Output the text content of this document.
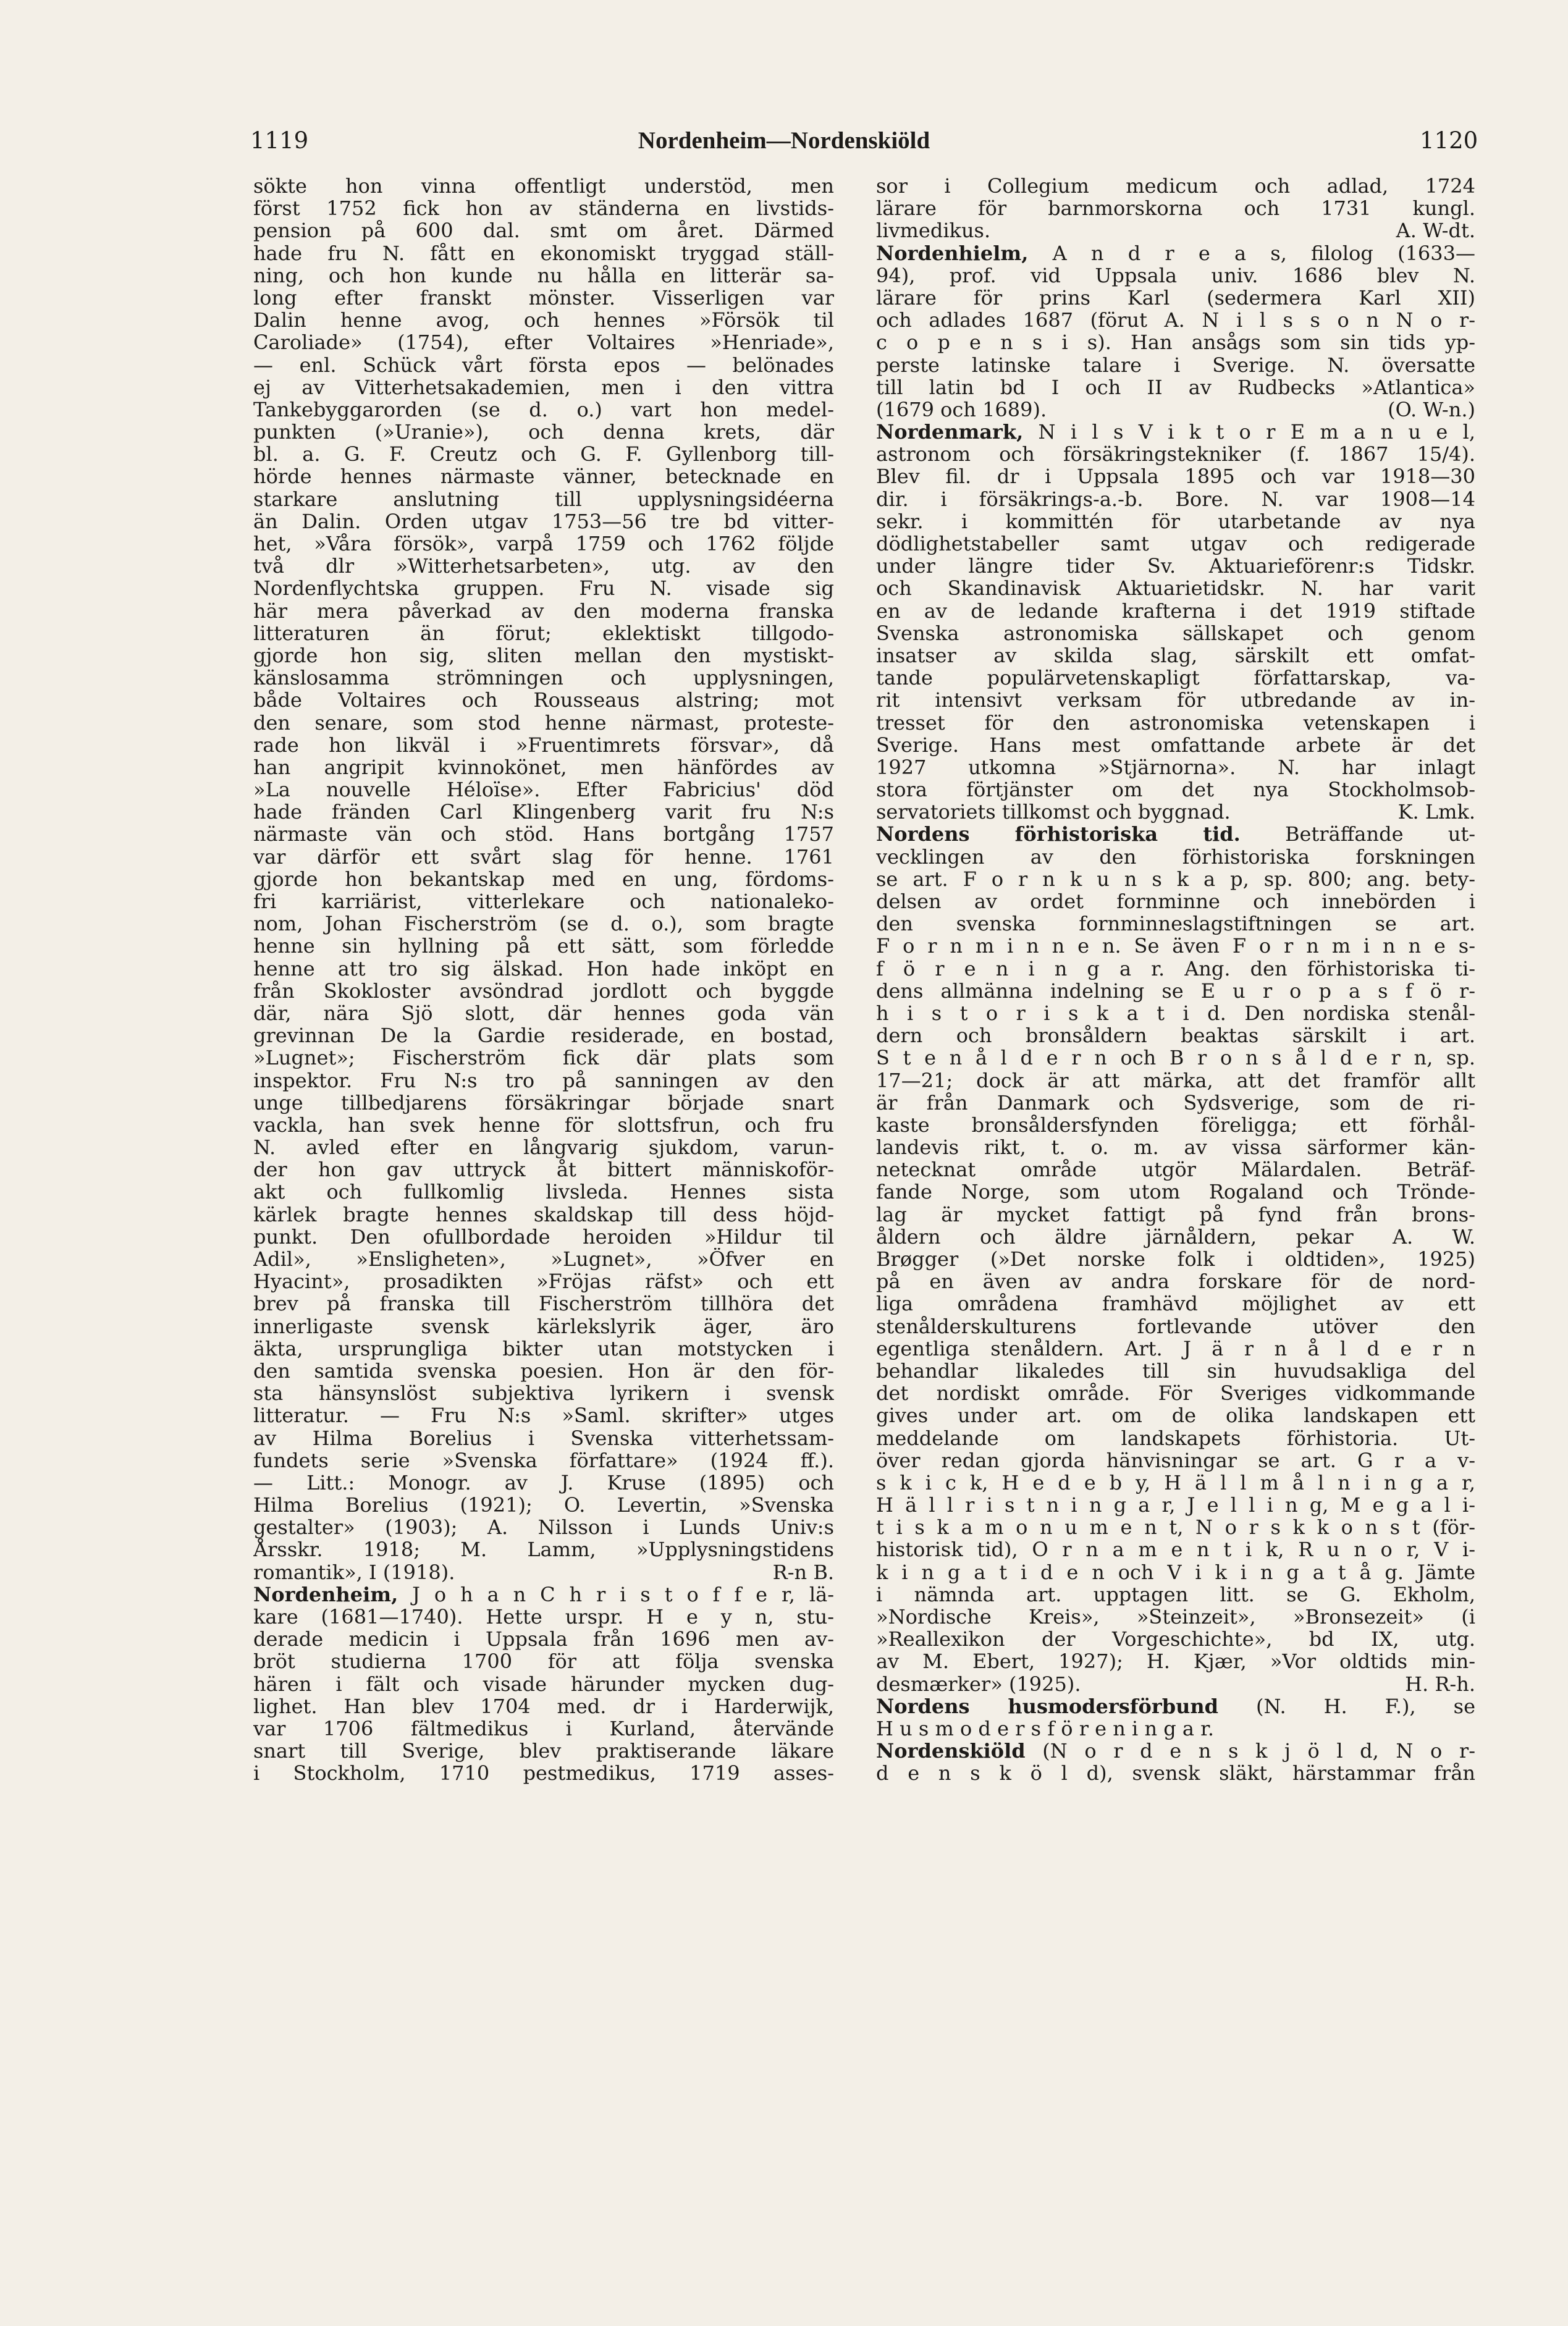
1119	Nordenheim—Nordenskiöld	1120
sökte hon vinna offentligt understöd, men
först 1752 fick hon av ständerna en livstids-
pension på 600 dal. smt om året. Därmed
hade fru N. fått en ekonomiskt tryggad ställ-
ning, och hon kunde nu hålla en litterär sa-
long efter franskt mönster. Visserligen var
Dalin henne avog, och hennes »Försök til
Caroliade» (1754), efter Voltaires »Henriade»,
— enl. Schück vårt första epos — belönades
ej av Vitterhetsakademien, men i den vittra
Tankebyggarorden (se d. o.) vart hon medel-
punkten (»Uranie»), och denna krets, där
bl. a. G. F. Creutz och G. F. Gyllenborg till-
hörde hennes närmaste vänner, betecknade en
starkare anslutning till upplysningsidéerna
än Dalin. Orden utgav 1753—56 tre bd vitter-
het, »Våra försök», varpå 1759 och 1762 följde
två dlr »Witterhetsarbeten», utg. av den
Nordenflychtska gruppen. Fru N. visade sig
här mera påverkad av den moderna franska
litteraturen än förut; eklektiskt tillgodo-
gjorde hon sig, sliten mellan den mystiskt-
känslosamma strömningen och upplysningen,
både Voltaires och Rousseaus alstring; mot
den senare, som stod henne närmast, proteste-
rade hon likväl i »Fruentimrets försvar», då
han angripit kvinnokönet, men hänfördes av
»La nouvelle Héloïse». Efter Fabricius' död
hade fränden Carl Klingenberg varit fru N:s
närmaste vän och stöd. Hans bortgång 1757
var därför ett svårt slag för henne. 1761
gjorde hon bekantskap med en ung, fördoms-
fri karriärist, vitterlekare och nationaleko-
nom, Johan Fischerström (se d. o.), som bragte
henne sin hyllning på ett sätt, som förledde
henne att tro sig älskad. Hon hade inköpt en
från Skokloster avsöndrad jordlott och byggde
där, nära Sjö slott, där hennes goda vän
grevinnan De la Gardie residerade, en bostad,
»Lugnet»; Fischerström fick där plats som
inspektor. Fru N:s tro på sanningen av den
unge tillbedjarens försäkringar började snart
vackla, han svek henne för slottsfrun, och fru
N. avled efter en långvarig sjukdom, varun-
der hon gav uttryck åt bittert människoför-
akt och fullkomlig livsleda. Hennes sista
kärlek bragte hennes skaldskap till dess höjd-
punkt. Den ofullbordade heroiden »Hildur til
Adil», »Ensligheten», »Lugnet», »Öfver en
Hyacint», prosadikten »Fröjas räfst» och ett
brev på franska till Fischerström tillhöra det
innerligaste svensk kärlekslyrik äger, äro
äkta, ursprungliga bikter utan motstycken i
den samtida svenska poesien. Hon är den för-
sta hänsynslöst subjektiva lyrikern i svensk
litteratur. — Fru N:s »Saml. skrifter» utges
av Hilma Borelius i Svenska vitterhetssam-
fundets serie »Svenska författare» (1924 ff.).
— Litt.: Monogr. av J. Kruse (1895) och
Hilma Borelius (1921); O. Levertin, »Svenska
gestalter» (1903); A. Nilsson i Lunds Univ:s
Årsskr. 1918; M. Lamm, »Upplysningstidens
romantik», I (1918).	R-n B.
Nordenheim, J o h a n C h r i s t o f f e r, lä-
kare (1681—1740). Hette urspr. H e y n, stu-
derade medicin i Uppsala från 1696 men av-
bröt studierna 1700 för att följa svenska
hären i fält och visade härunder mycken dug-
lighet. Han blev 1704 med. dr i Harderwijk,
var 1706 fältmedikus i Kurland, återvände
snart till Sverige, blev praktiserande läkare
i Stockholm, 1710 pestmedikus, 1719 asses-
sor i Collegium medicum och adlad, 1724
lärare för barnmorskorna och 1731 kungl.
livmedikus.	A. W-dt.
Nordenhielm, A n d r e a s, filolog (1633—
94), prof. vid Uppsala univ. 1686 blev N.
lärare för prins Karl (sedermera Karl XII)
och adlades 1687 (förut A. N i l s s o n N o r-
c o p e n s i s). Han ansågs som sin tids yp-
perste latinske talare i Sverige. N. översatte
till latin bd I och II av Rudbecks »Atlantica»
(1679 och 1689).	(O. W-n.)
Nordenmark, N i l s V i k t o r E m a n u e l,
astronom och försäkringstekniker (f. 1867 15/4).
Blev fil. dr i Uppsala 1895 och var 1918—30
dir. i försäkrings-a.-b. Bore. N. var 1908—14
sekr. i kommittén för utarbetande av nya
dödlighetstabeller samt utgav och redigerade
under längre tider Sv. Aktuarieförenr:s Tidskr.
och Skandinavisk Aktuarietidskr. N. har varit
en av de ledande krafterna i det 1919 stiftade
Svenska astronomiska sällskapet och genom
insatser av skilda slag, särskilt ett omfat-
tande populärvetenskapligt författarskap, va-
rit intensivt verksam för utbredande av in-
tresset för den astronomiska vetenskapen i
Sverige. Hans mest omfattande arbete är det
1927 utkomna »Stjärnorna». N. har inlagt
stora förtjänster om det nya Stockholmsob-
servatoriets tillkomst och byggnad.	K. Lmk.
Nordens förhistoriska tid. Beträffande ut-
vecklingen av den förhistoriska forskningen
se art. F o r n k u n s k a p, sp. 800; ang. bety-
delsen av ordet fornminne och innebörden i
den svenska fornminneslagstiftningen se art.
F o r n m i n n e n. Se även F o r n m i n n e s-
f ö r e n i n g a r. Ang. den förhistoriska ti-
dens allmänna indelning se E u r o p a s f ö r-
h i s t o r i s k a t i d. Den nordiska stenål-
dern och bronsåldern beaktas särskilt i art.
S t e n å l d e r n och B r o n s å l d e r n, sp.
17—21; dock är att märka, att det framför allt
är från Danmark och Sydsverige, som de ri-
kaste bronsåldersfynden föreligga; ett förhål-
landevis rikt, t. o. m. av vissa särformer kän-
netecknat område utgör Mälardalen. Beträf-
fande Norge, som utom Rogaland och Tröndе-
lag är mycket fattigt på fynd från brons-
åldern och äldre järnåldern, pekar A. W.
Brøgger (»Det norske folk i oldtiden», 1925)
på en även av andra forskare för de nord-
liga områdena framhävd möjlighet av ett
stenålderskulturens fortlevande utöver den
egentliga stenåldern. Art. J ä r n å l d e r n
behandlar likaledes till sin huvudsakliga del
det nordiskt område. För Sveriges vidkommande
gives under art. om de olika landskapen ett
meddelande om landskapets förhistoria. Ut-
över redan gjorda hänvisningar se art. G r a v-
s k i c k, H e d e b y, H ä l l m å l n i n g a r,
H ä l l r i s t n i n g a r, J e l l i n g, M e g a l i-
t i s k a m o n u m e n t, N o r s k k o n s t (för-
historisk tid), O r n a m e n t i k, R u n o r, V i-
k i n g a t i d e n och V i k i n g a t å g. Jämte
i nämnda art. upptagen litt. se G. Ekholm,
»Nordische Kreis», »Steinzeit», »Bronsezeit» (i
»Reallexikon der Vorgeschichte», bd IX, utg.
av M. Ebert, 1927); H. Kjær, »Vor oldtids min-
desmærker» (1925).	H. R-h.
Nordens husmodersförbund (N. H. F.), se
H u s m o d e r s f ö r e n i n g a r.
Nordenskiöld (N o r d e n s k j ö l d, N o r-
d e n s k ö l d), svensk släkt, härstammar från
